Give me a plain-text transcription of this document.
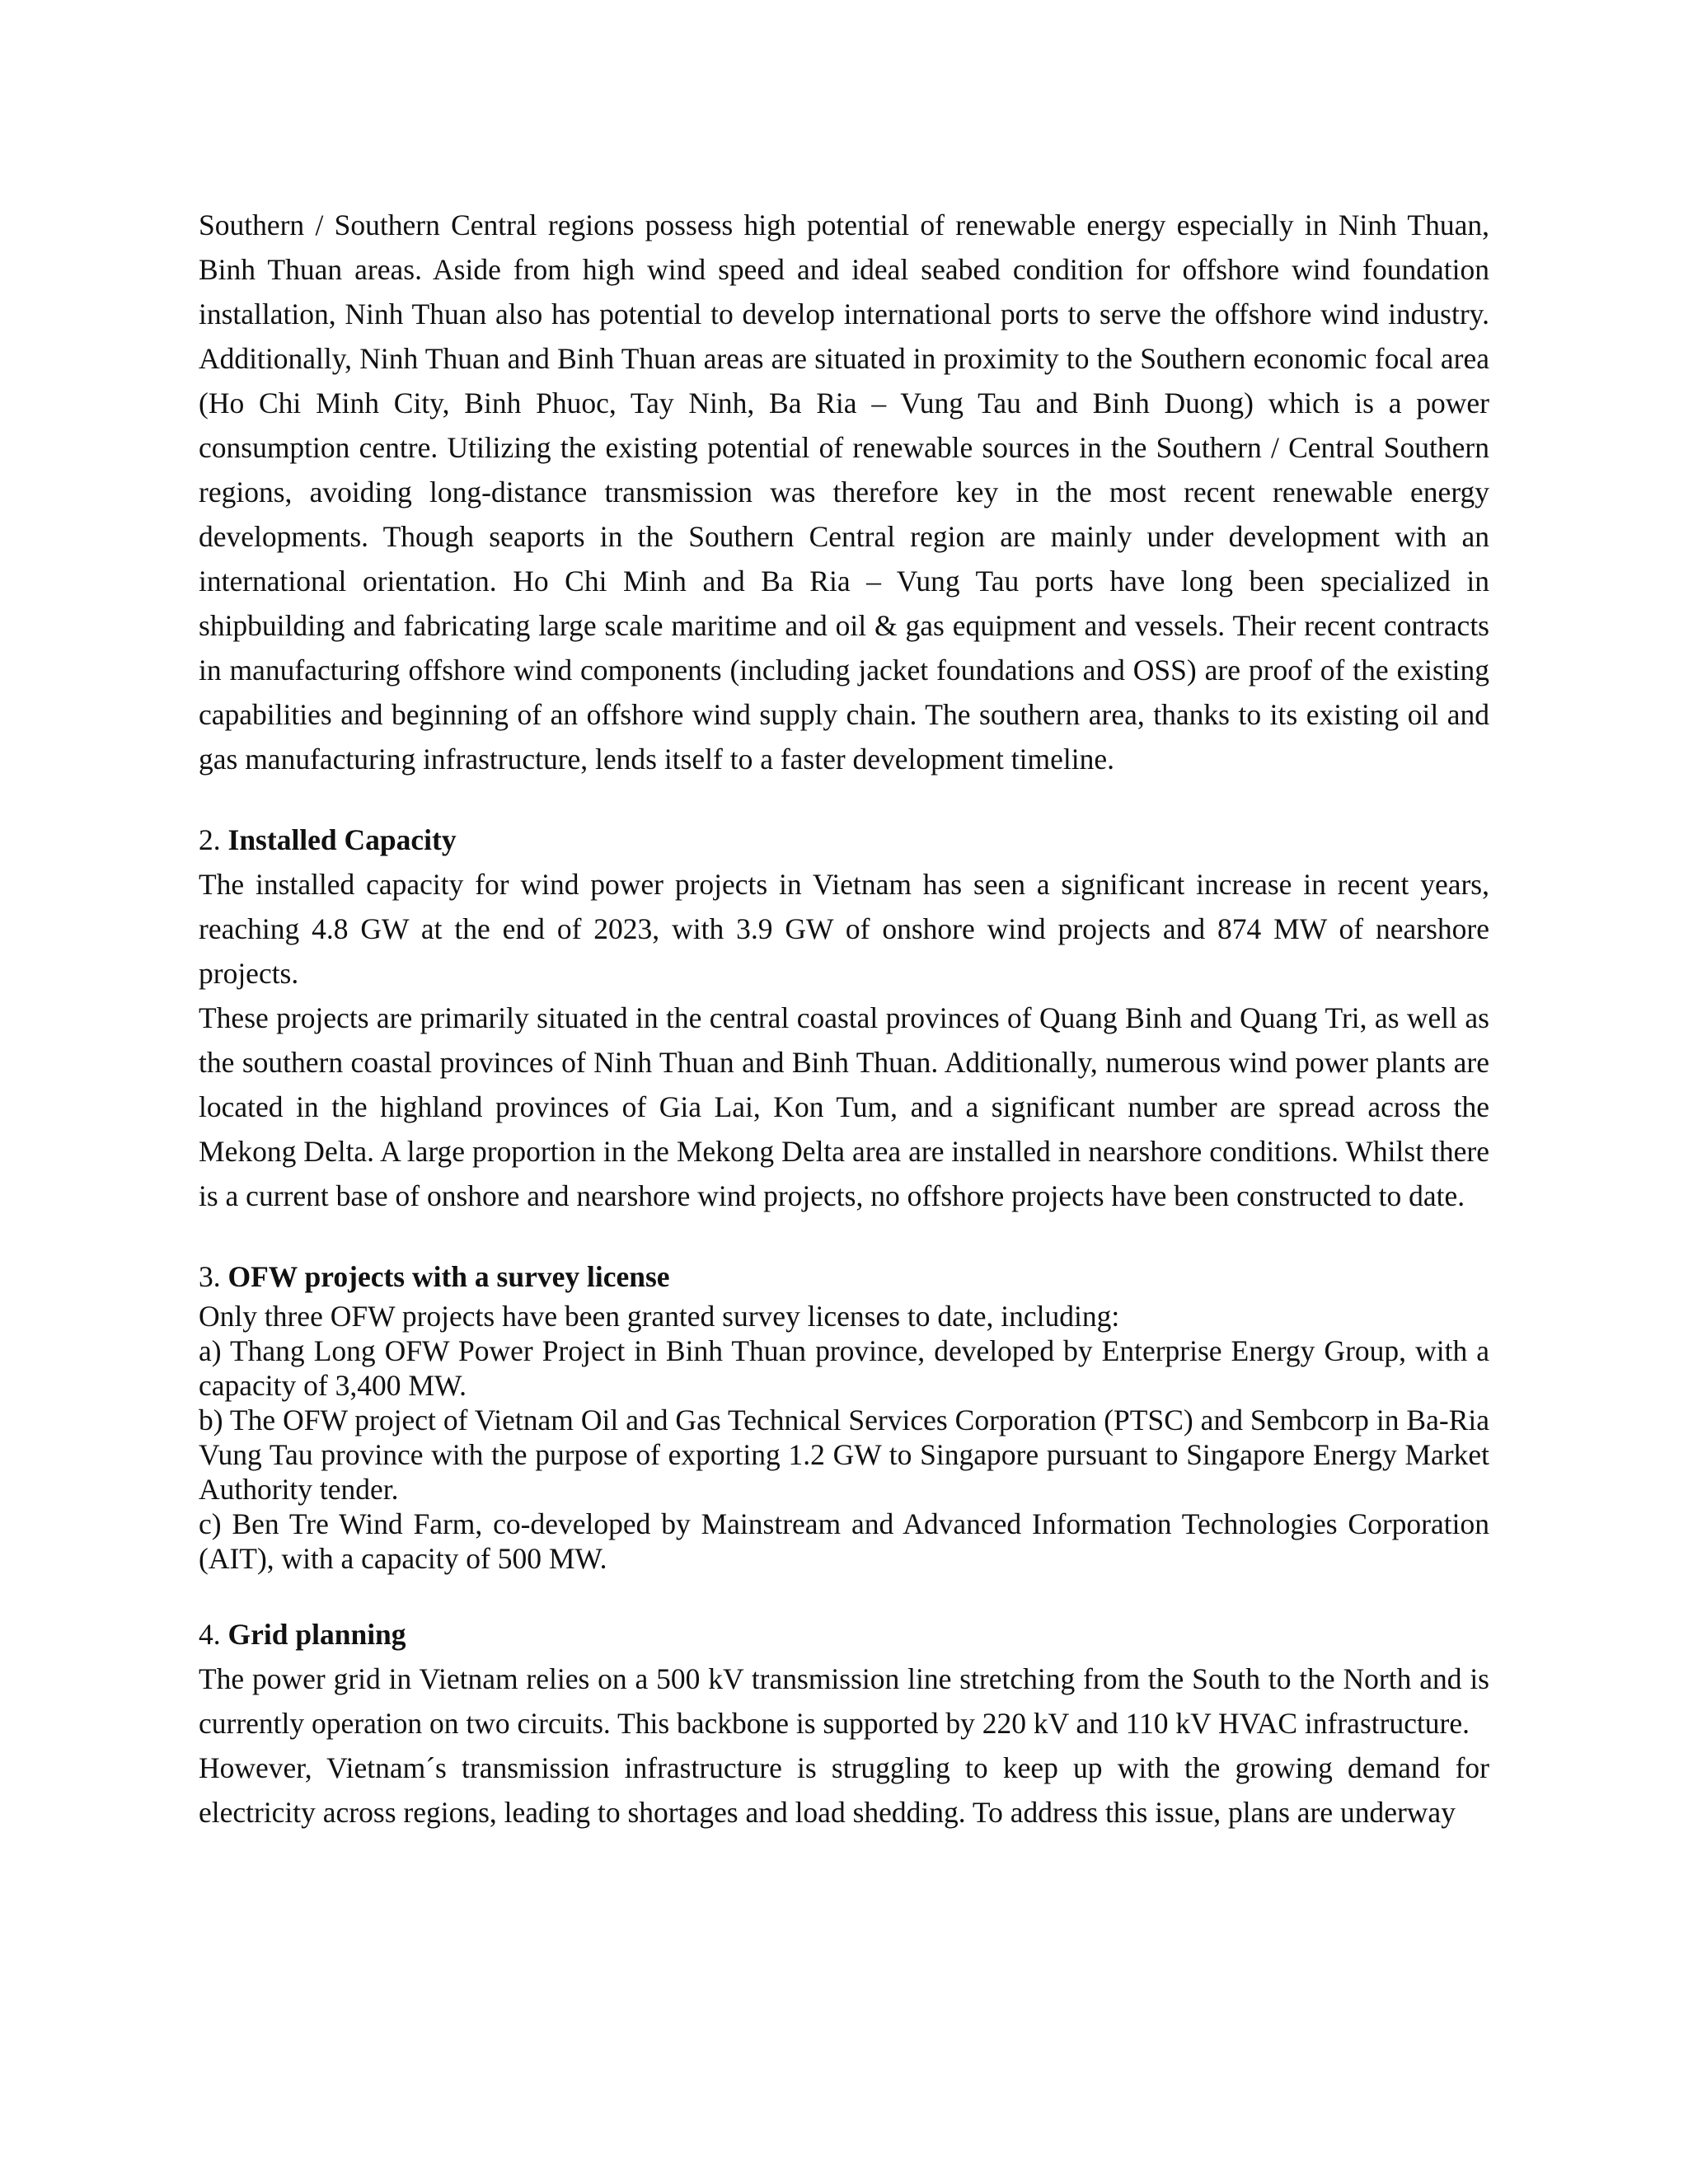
Southern / Southern Central regions possess high potential of renewable energy especially in Ninh Thuan, Binh Thuan areas. Aside from high wind speed and ideal seabed condition for offshore wind foundation installation, Ninh Thuan also has potential to develop international ports to serve the offshore wind industry. Additionally, Ninh Thuan and Binh Thuan areas are situated in proximity to the Southern economic focal area (Ho Chi Minh City, Binh Phuoc, Tay Ninh, Ba Ria – Vung Tau and Binh Duong) which is a power consumption centre. Utilizing the existing potential of renewable sources in the Southern / Central Southern regions, avoiding long-distance transmission was therefore key in the most recent renewable energy developments. Though seaports in the Southern Central region are mainly under development with an international orientation. Ho Chi Minh and Ba Ria – Vung Tau ports have long been specialized in shipbuilding and fabricating large scale maritime and oil & gas equipment and vessels. Their recent contracts in manufacturing offshore wind components (including jacket foundations and OSS) are proof of the existing capabilities and beginning of an offshore wind supply chain. The southern area, thanks to its existing oil and gas manufacturing infrastructure, lends itself to a faster development timeline.

2. Installed Capacity

The installed capacity for wind power projects in Vietnam has seen a significant increase in recent years, reaching 4.8 GW at the end of 2023, with 3.9 GW of onshore wind projects and 874 MW of nearshore projects.

These projects are primarily situated in the central coastal provinces of Quang Binh and Quang Tri, as well as the southern coastal provinces of Ninh Thuan and Binh Thuan. Additionally, numerous wind power plants are located in the highland provinces of Gia Lai, Kon Tum, and a significant number are spread across the Mekong Delta. A large proportion in the Mekong Delta area are installed in nearshore conditions. Whilst there is a current base of onshore and nearshore wind projects, no offshore projects have been constructed to date.

3. OFW projects with a survey license

Only three OFW projects have been granted survey licenses to date, including:

a) Thang Long OFW Power Project in Binh Thuan province, developed by Enterprise Energy Group, with a capacity of 3,400 MW.

b) The OFW project of Vietnam Oil and Gas Technical Services Corporation (PTSC) and Sembcorp in Ba-Ria Vung Tau province with the purpose of exporting 1.2 GW to Singapore pursuant to Singapore Energy Market Authority tender.

c) Ben Tre Wind Farm, co-developed by Mainstream and Advanced Information Technologies Corporation (AIT), with a capacity of 500 MW.

4. Grid planning

The power grid in Vietnam relies on a 500 kV transmission line stretching from the South to the North and is currently operation on two circuits. This backbone is supported by 220 kV and 110 kV HVAC infrastructure.

However, Vietnam´s transmission infrastructure is struggling to keep up with the growing demand for electricity across regions, leading to shortages and load shedding. To address this issue, plans are underway
